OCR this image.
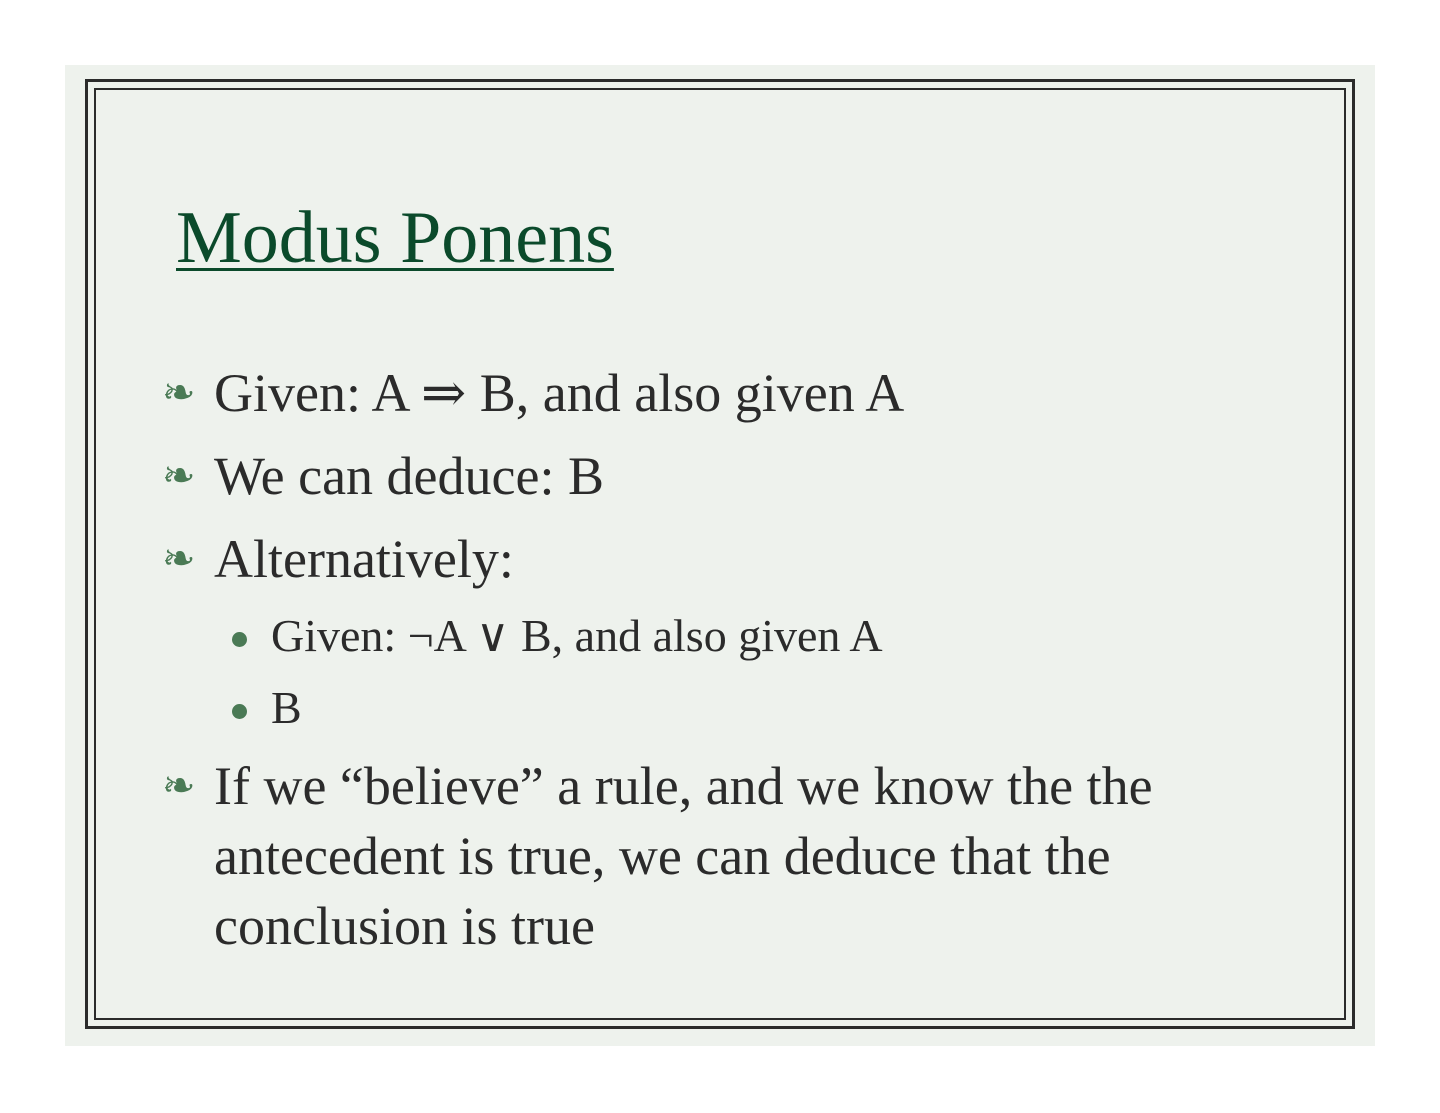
Modus Ponens
❧ Given: A ⇒ B, and also given A
❧ We can deduce: B
❧ Alternatively:
Given: ¬A ∨ B, and also given A
B
❧ If we “believe” a rule, and we know the the antecedent is true, we can deduce that the conclusion is true
